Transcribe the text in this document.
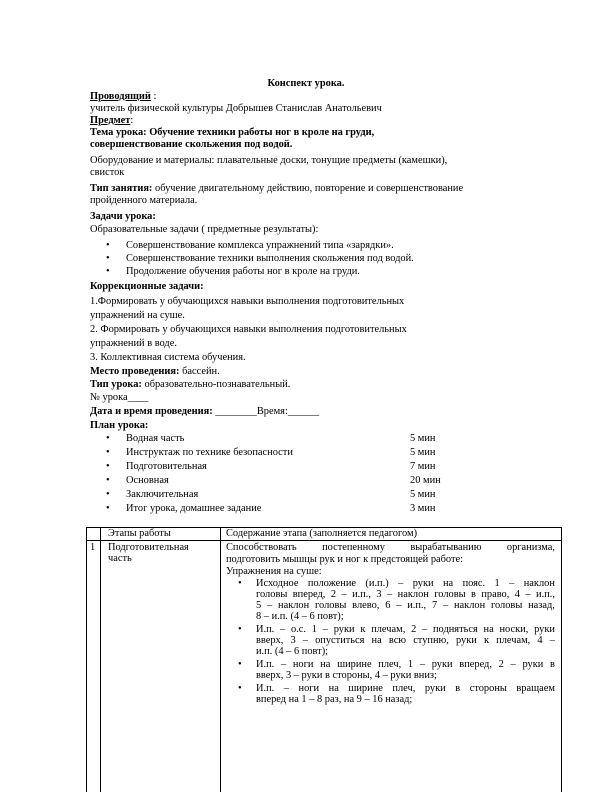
Конспект урока.
Проводящий :
учитель физической культуры Добрышев Станислав Анатольевич
Предмет:
Тема урока: Обучение техники работы ног в кроле на груди,
совершенствование скольжения под водой.
Оборудование и материалы: плавательные доски, тонущие предметы (камешки),
свисток
Тип занятия: обучение двигательному действию, повторение и совершенствование
пройденного материала.
Задачи урока:
Образовательные задачи ( предметные результаты):
• Совершенствование комплекса упражнений типа «зарядки».
• Совершенствование техники выполнения скольжения под водой.
• Продолжение обучения работы ног в кроле на груди.
Коррекционные задачи:
1.Формировать у обучающихся навыки выполнения подготовительных
упражнений на суше.
2. Формировать у обучающихся навыки выполнения подготовительных
упражнений в воде.
3. Коллективная система обучения.
Место проведения: бассейн.
Тип урока: образовательно-познавательный.
№ урока____
Дата и время проведения: ________Время:______
План урока:
• Водная часть	5 мин
• Инструктаж по технике безопасности	5 мин
• Подготовительная	7 мин
• Основная	20 мин
• Заключительная	5 мин
• Итог урока, домашнее задание	3 мин
Этапы работы	Содержание этапа (заполняется педагогом)
1 Подготовительная
часть
Способствовать постепенному вырабатыванию организма,
подготовить мышцы рук и ног к предстоящей работе:
Упражнения на суше:
• Исходное положение (и.п.) – руки на пояс. 1 – наклон
головы вперед, 2 – и.п., 3 – наклон головы в право, 4 – и.п.,
5 – наклон головы влево, 6 – и.п., 7 – наклон головы назад,
8 – и.п. (4 – 6 повт);
• И.п. – о.с. 1 – руки к плечам, 2 – подняться на носки, руки
вверх, 3 – опуститься на всю ступню, руки к плечам, 4 –
и.п. (4 – 6 повт);
• И.п. – ноги на ширине плеч, 1 – руки вперед, 2 – руки в
вверх, 3 – руки в стороны, 4 – руки вниз;
• И.п. – ноги на ширине плеч, руки в стороны вращаем
вперед на 1 – 8 раз, на 9 – 16 назад;
